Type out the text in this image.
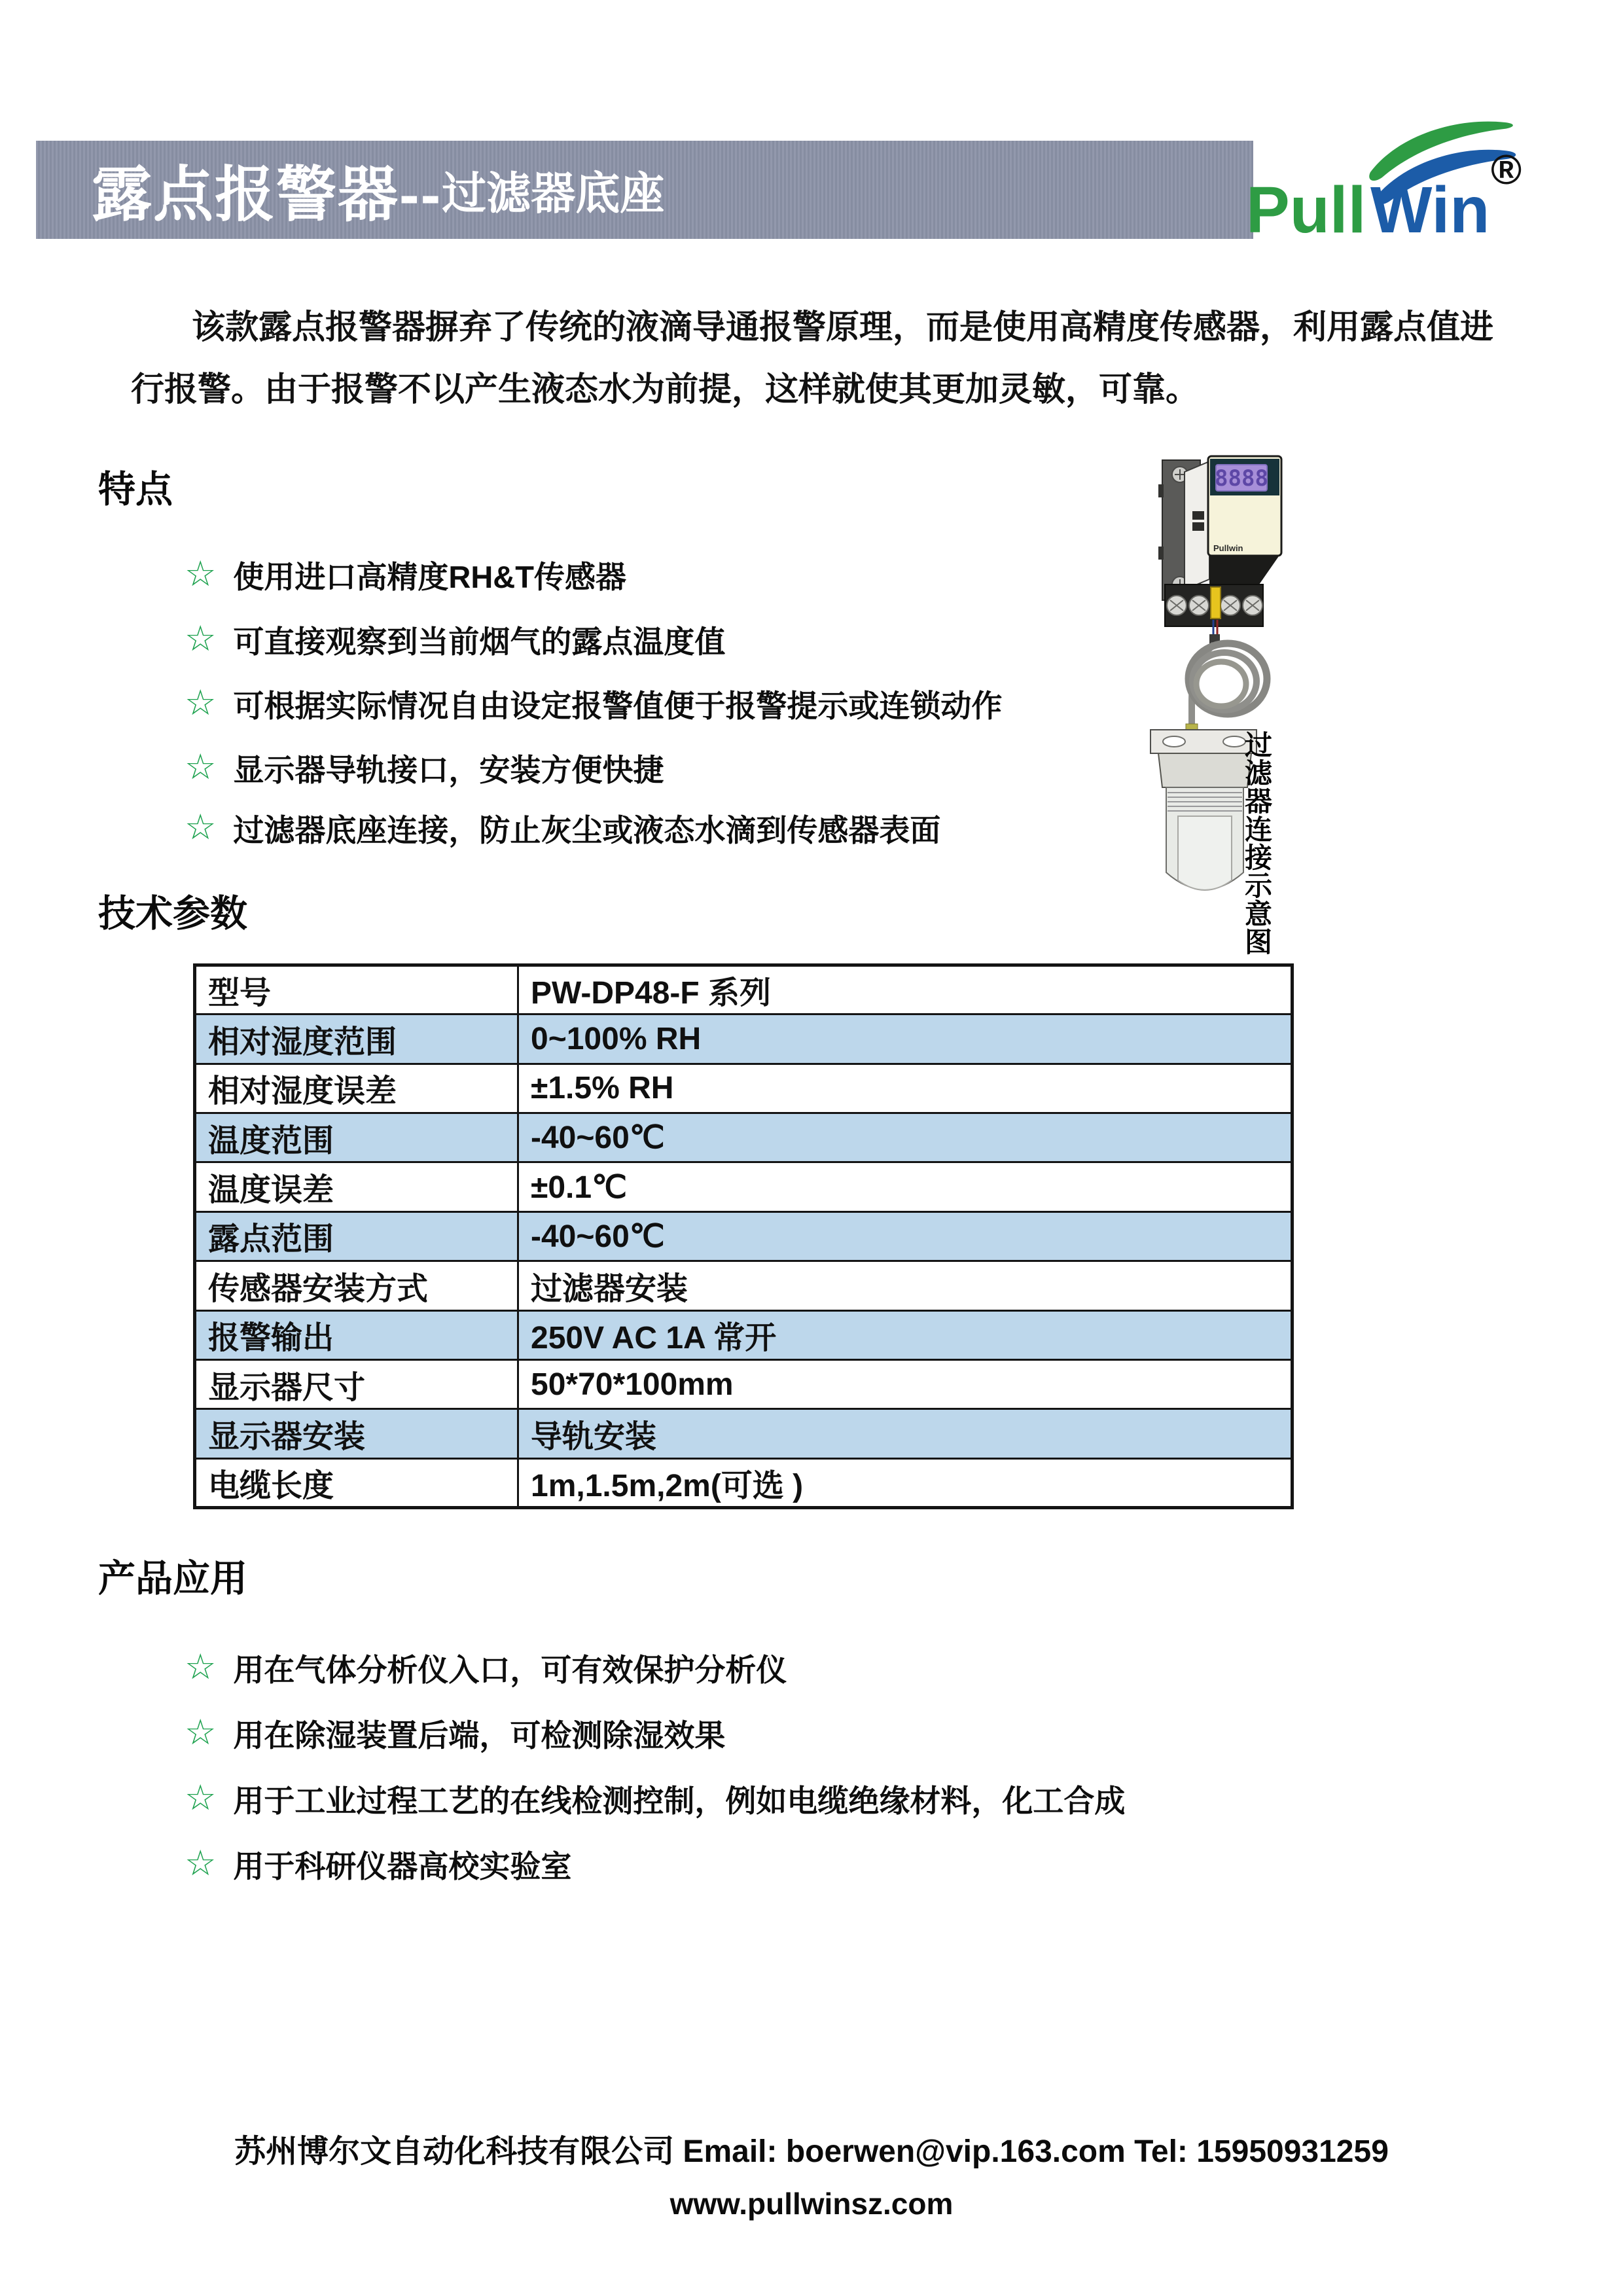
露点报警器-- 过滤器底座	Pull Win
®
该款露点报警器摒弃了传统的液滴导通报警原理，而是使用高精度传感器，利用露点值进
行报警。由于报警不以产生液态水为前提，这样就使其更加灵敏，可靠。
特点
☆ 使用进口高精度RH&T传感器
☆ 可直接观察到当前烟气的露点温度值
☆ 可根据实际情况自由设定报警值便于报警提示或连锁动作
☆ 显示器导轨接口，安装方便快捷
☆ 过滤器底座连接，防止灰尘或液态水滴到传感器表面
技术参数
型号	PW-DP48-F 系列
相对湿度范围	0~100% RH
相对湿度误差	±1.5% RH
温度范围	-40~60℃
温度误差	±0.1℃
露点范围	-40~60℃
传感器安装方式	过滤器安装
报警输出	250V AC 1A 常开
显示器尺寸	50*70*100mm
显示器安装	导轨安装
电缆长度	1m,1.5m,2m(可选 )
产品应用
☆ 用在气体分析仪入口，可有效保护分析仪
☆ 用在除湿装置后端，可检测除湿效果
☆ 用于工业过程工艺的在线检测控制，例如电缆绝缘材料，化工合成
☆ 用于科研仪器高校实验室
8888
Pullwin
过滤器连接示意图
苏州博尔文自动化科技有限公司 Email: boerwen@vip.163.com Tel: 15950931259
www.pullwinsz.com
